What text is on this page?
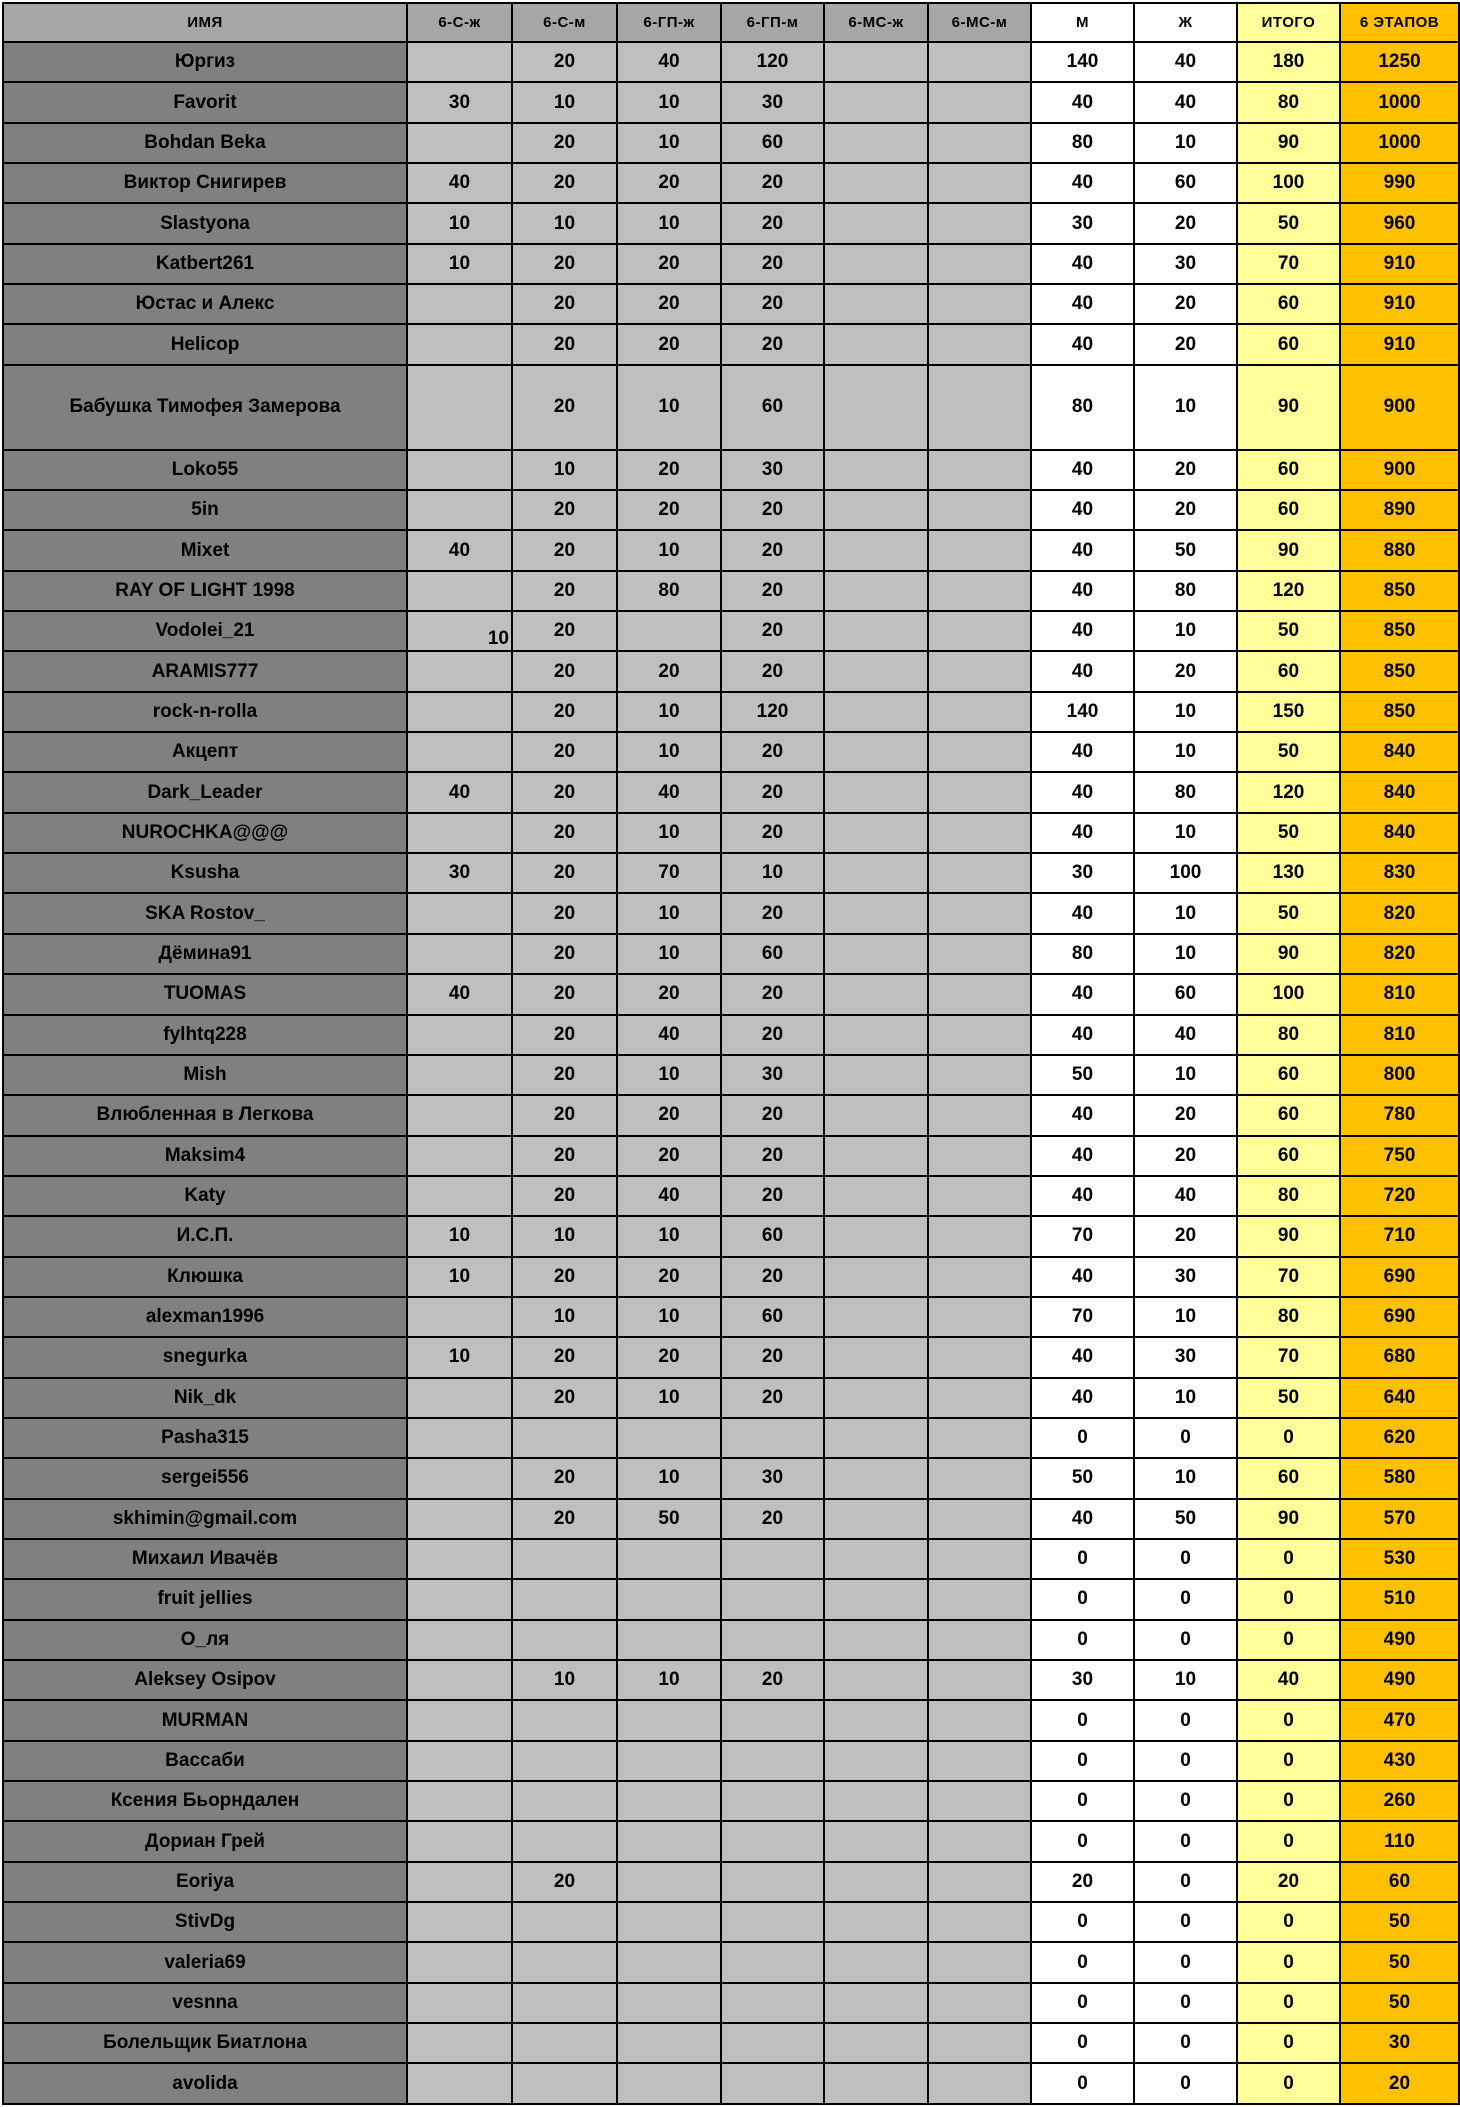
ИМЯ	6-С-ж	6-С-м	6-ГП-ж	6-ГП-м	6-МС-ж	6-МС-м	М	Ж	ИТОГО	6 ЭТАПОВ
Юргиз		20	40	120			140	40	180	1250
Favorit	30	10	10	30			40	40	80	1000
Bohdan Beka		20	10	60			80	10	90	1000
Виктор Снигирев	40	20	20	20			40	60	100	990
Slastyona	10	10	10	20			30	20	50	960
Katbert261	10	20	20	20			40	30	70	910
Юстас и Алекс		20	20	20			40	20	60	910
Helicop		20	20	20			40	20	60	910
Бабушка Тимофея Замерова		20	10	60			80	10	90	900
Loko55		10	20	30			40	20	60	900
5in		20	20	20			40	20	60	890
Mixet	40	20	10	20			40	50	90	880
RAY OF LIGHT 1998		20	80	20			40	80	120	850
Vodolei_21	10	20		20			40	10	50	850
ARAMIS777		20	20	20			40	20	60	850
rock-n-rolla		20	10	120			140	10	150	850
Акцепт		20	10	20			40	10	50	840
Dark_Leader	40	20	40	20			40	80	120	840
NUROCHKA@@@		20	10	20			40	10	50	840
Ksusha	30	20	70	10			30	100	130	830
SKA Rostov_		20	10	20			40	10	50	820
Дёмина91		20	10	60			80	10	90	820
TUOMAS	40	20	20	20			40	60	100	810
fylhtq228		20	40	20			40	40	80	810
Mish		20	10	30			50	10	60	800
Влюбленная в Легкова		20	20	20			40	20	60	780
Maksim4		20	20	20			40	20	60	750
Katy		20	40	20			40	40	80	720
И.С.П.	10	10	10	60			70	20	90	710
Клюшка	10	20	20	20			40	30	70	690
alexman1996		10	10	60			70	10	80	690
snegurka	10	20	20	20			40	30	70	680
Nik_dk		20	10	20			40	10	50	640
Pasha315							0	0	0	620
sergei556		20	10	30			50	10	60	580
skhimin@gmail.com		20	50	20			40	50	90	570
Михаил Ивачёв							0	0	0	530
fruit jellies							0	0	0	510
О_ля							0	0	0	490
Aleksey Osipov		10	10	20			30	10	40	490
MURMAN							0	0	0	470
Вассаби							0	0	0	430
Ксения Бьорндален							0	0	0	260
Дориан Грей							0	0	0	110
Eoriya		20					20	0	20	60
StivDg							0	0	0	50
valeria69							0	0	0	50
vesnna							0	0	0	50
Болельщик Биатлона							0	0	0	30
avolida							0	0	0	20
